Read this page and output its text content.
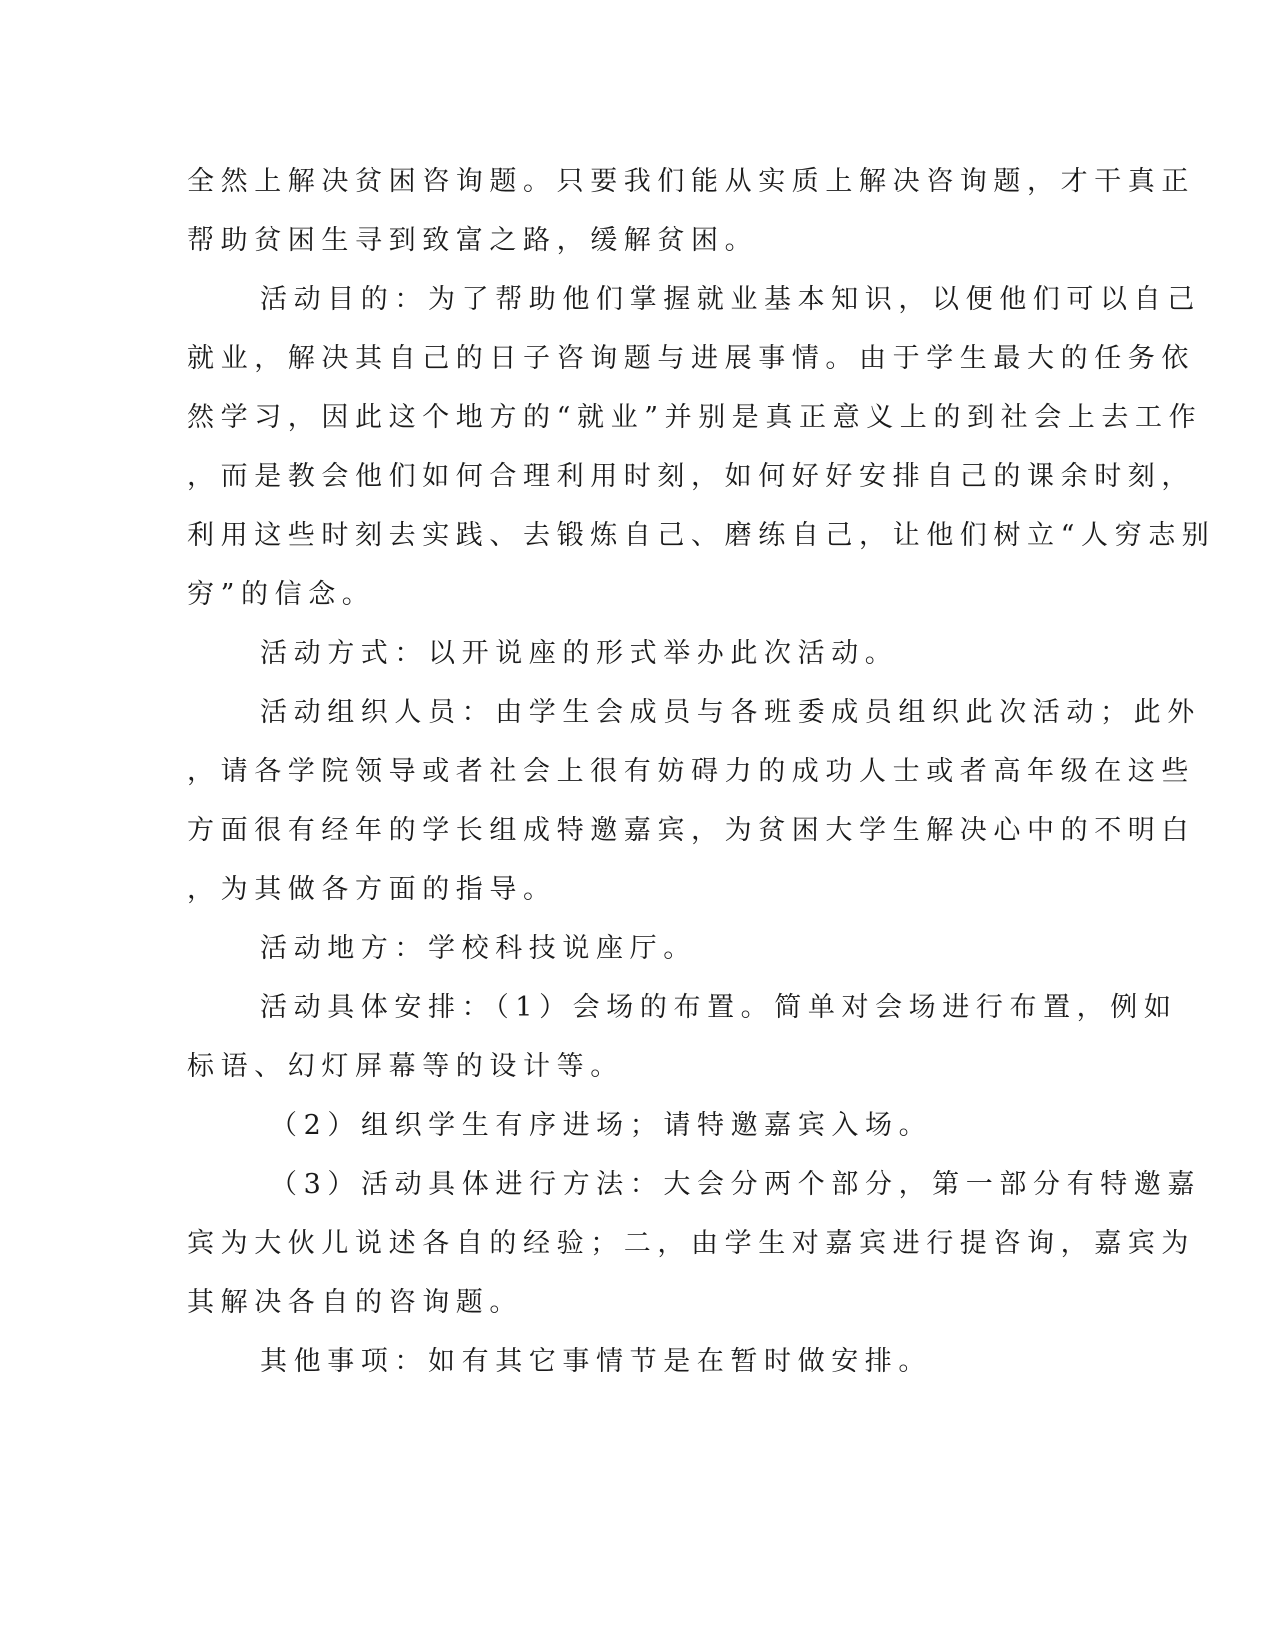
全然上解决贫困咨询题。只要我们能从实质上解决咨询题，才干真正
帮助贫困生寻到致富之路，缓解贫困。
活动目的：为了帮助他们掌握就业基本知识，以便他们可以自己
就业，解决其自己的日子咨询题与进展事情。由于学生最大的任务依
然学习，因此这个地方的“就业”并别是真正意义上的到社会上去工作
，而是教会他们如何合理利用时刻，如何好好安排自己的课余时刻，
利用这些时刻去实践、去锻炼自己、磨练自己，让他们树立“人穷志别
穷”的信念。
活动方式：以开说座的形式举办此次活动。
活动组织人员：由学生会成员与各班委成员组织此次活动；此外
，请各学院领导或者社会上很有妨碍力的成功人士或者高年级在这些
方面很有经年的学长组成特邀嘉宾，为贫困大学生解决心中的不明白
，为其做各方面的指导。
活动地方：学校科技说座厅。
活动具体安排：（1）会场的布置。简单对会场进行布置，例如
标语、幻灯屏幕等的设计等。
（2）组织学生有序进场；请特邀嘉宾入场。
（3）活动具体进行方法：大会分两个部分，第一部分有特邀嘉
宾为大伙儿说述各自的经验；二，由学生对嘉宾进行提咨询，嘉宾为
其解决各自的咨询题。
其他事项：如有其它事情节是在暂时做安排。
